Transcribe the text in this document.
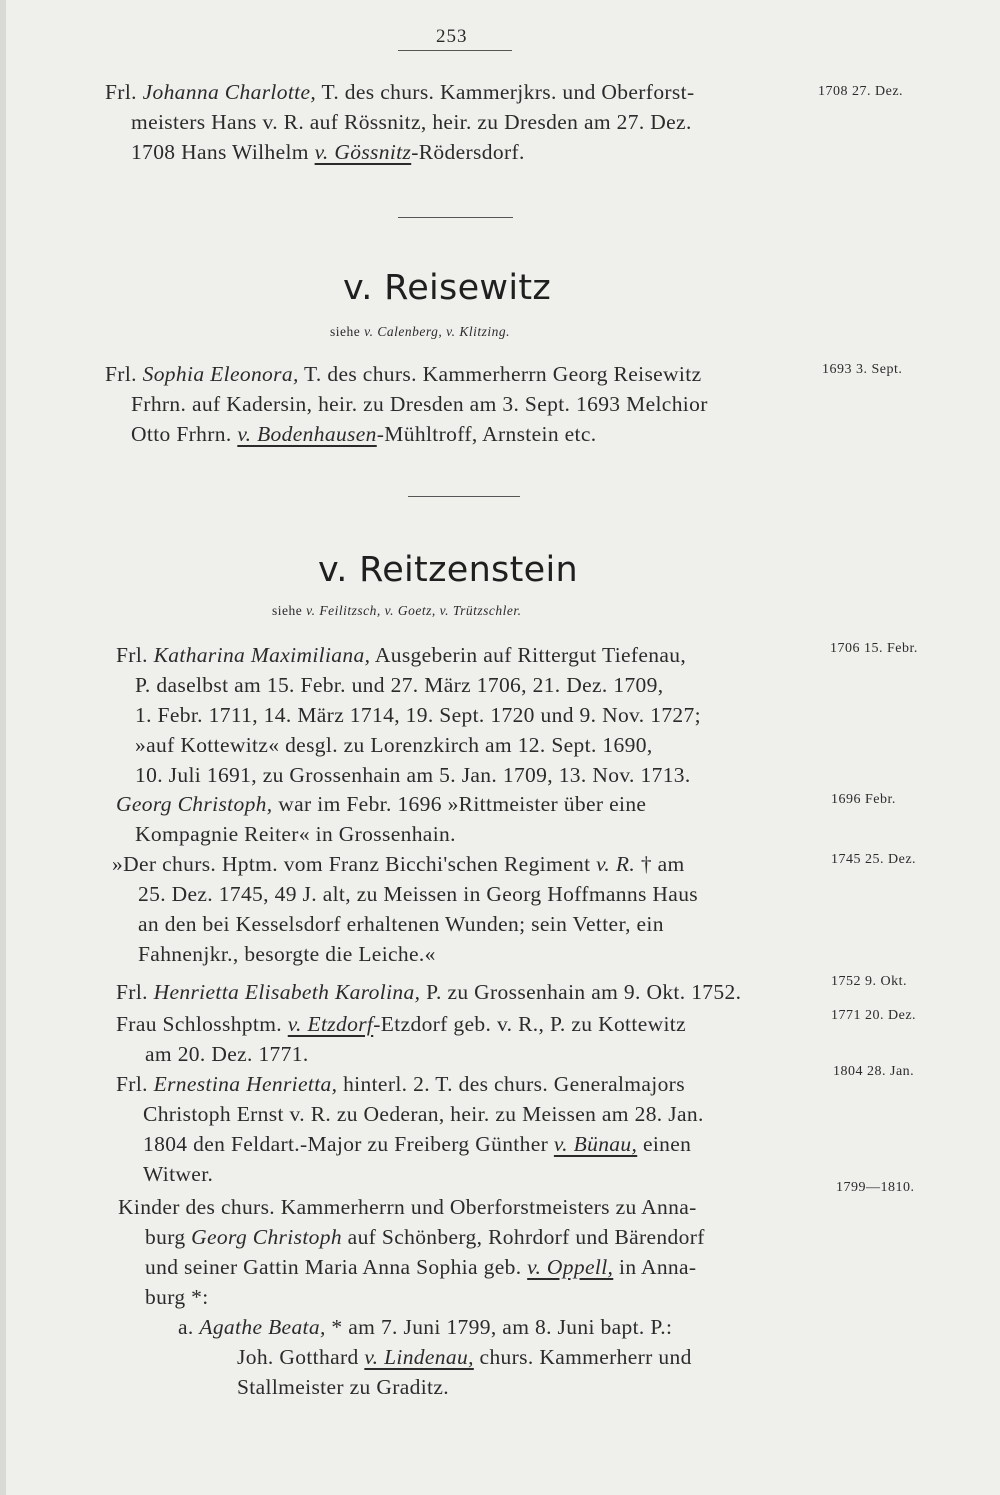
253
Frl. Johanna Charlotte, T. des churs. Kammerjkrs. und Oberforst-
meisters Hans v. R. auf Rössnitz, heir. zu Dresden am 27. Dez.
1708 Hans Wilhelm v. Gössnitz-Rödersdorf.
1708 27. Dez.
v. Reisewitz
siehe v. Calenberg, v. Klitzing.
Frl. Sophia Eleonora, T. des churs. Kammerherrn Georg Reisewitz
Frhrn. auf Kadersin, heir. zu Dresden am 3. Sept. 1693 Melchior
Otto Frhrn. v. Bodenhausen-Mühltroff, Arnstein etc.
1693 3. Sept.
v. Reitzenstein
siehe v. Feilitzsch, v. Goetz, v. Trützschler.
Frl. Katharina Maximiliana, Ausgeberin auf Rittergut Tiefenau,
P. daselbst am 15. Febr. und 27. März 1706, 21. Dez. 1709,
1. Febr. 1711, 14. März 1714, 19. Sept. 1720 und 9. Nov. 1727;
»auf Kottewitz« desgl. zu Lorenzkirch am 12. Sept. 1690,
10. Juli 1691, zu Grossenhain am 5. Jan. 1709, 13. Nov. 1713.
1706 15. Febr.
Georg Christoph, war im Febr. 1696 »Rittmeister über eine
Kompagnie Reiter« in Grossenhain.
1696 Febr.
»Der churs. Hptm. vom Franz Bicchi'schen Regiment v. R. † am
25. Dez. 1745, 49 J. alt, zu Meissen in Georg Hoffmanns Haus
an den bei Kesselsdorf erhaltenen Wunden; sein Vetter, ein
Fahnenjkr., besorgte die Leiche.«
1745 25. Dez.
Frl. Henrietta Elisabeth Karolina, P. zu Grossenhain am 9. Okt. 1752.	1752 9. Okt.
Frau Schlosshptm. v. Etzdorf-Etzdorf geb. v. R., P. zu Kottewitz
am 20. Dez. 1771.
1771 20. Dez.
Frl. Ernestina Henrietta, hinterl. 2. T. des churs. Generalmajors
Christoph Ernst v. R. zu Oederan, heir. zu Meissen am 28. Jan.
1804 den Feldart.-Major zu Freiberg Günther v. Bünau, einen
Witwer.
1804 28. Jan.
Kinder des churs. Kammerherrn und Oberforstmeisters zu Anna-
burg Georg Christoph auf Schönberg, Rohrdorf und Bärendorf
und seiner Gattin Maria Anna Sophia geb. v. Oppell, in Anna-
burg *:
a. Agathe Beata, * am 7. Juni 1799, am 8. Juni bapt. P.:
Joh. Gotthard v. Lindenau, churs. Kammerherr und
Stallmeister zu Graditz.
1799—1810.
